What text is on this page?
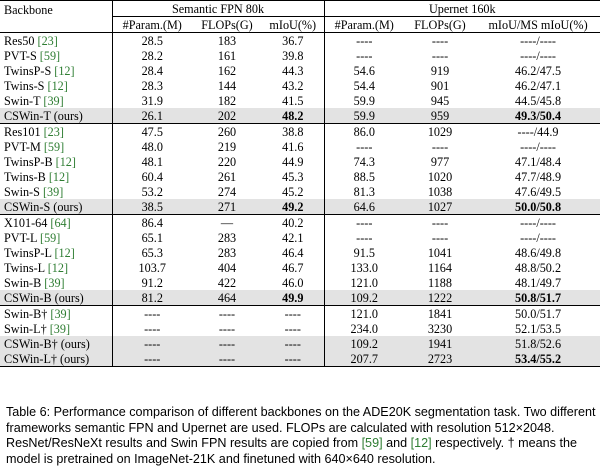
Backbone	Semantic FPN 80k			Upernet 160k		
	#Param.(M)	FLOPs(G)	mIoU(%)	#Param.(M)	FLOPs(G)	mIoU/MS mIoU(%)
Res50 [23]	28.5	183	36.7	----	----	----/----
PVT-S [59]	28.2	161	39.8	----	----	----/----
TwinsP-S [12]	28.4	162	44.3	54.6	919	46.2/47.5
Twins-S [12]	28.3	144	43.2	54.4	901	46.2/47.1
Swin-T [39]	31.9	182	41.5	59.9	945	44.5/45.8
CSWin-T (ours)	26.1	202	48.2	59.9	959	49.3/50.4
Res101 [23]	47.5	260	38.8	86.0	1029	----/44.9
PVT-M [59]	48.0	219	41.6	----	----	----/----
TwinsP-B [12]	48.1	220	44.9	74.3	977	47.1/48.4
Twins-B [12]	60.4	261	45.3	88.5	1020	47.7/48.9
Swin-S [39]	53.2	274	45.2	81.3	1038	47.6/49.5
CSWin-S (ours)	38.5	271	49.2	64.6	1027	50.0/50.8
X101-64 [64]	86.4	—	40.2	----	----	----/----
PVT-L [59]	65.1	283	42.1	----	----	----/----
TwinsP-L [12]	65.3	283	46.4	91.5	1041	48.6/49.8
Twins-L [12]	103.7	404	46.7	133.0	1164	48.8/50.2
Swin-B [39]	91.2	422	46.0	121.0	1188	48.1/49.7
CSWin-B (ours)	81.2	464	49.9	109.2	1222	50.8/51.7
Swin-B† [39]	----	----	----	121.0	1841	50.0/51.7
Swin-L† [39]	----	----	----	234.0	3230	52.1/53.5
CSWin-B† (ours)	----	----	----	109.2	1941	51.8/52.6
CSWin-L† (ours)	----	----	----	207.7	2723	53.4/55.2
Table 6: Performance comparison of different backbones on the ADE20K segmentation task. Two different frameworks semantic FPN and Upernet are used. FLOPs are calculated with resolution 512×2048. ResNet/ResNeXt results and Swin FPN results are copied from [59] and [12] respectively. † means the model is pretrained on ImageNet-21K and finetuned with 640×640 resolution.
